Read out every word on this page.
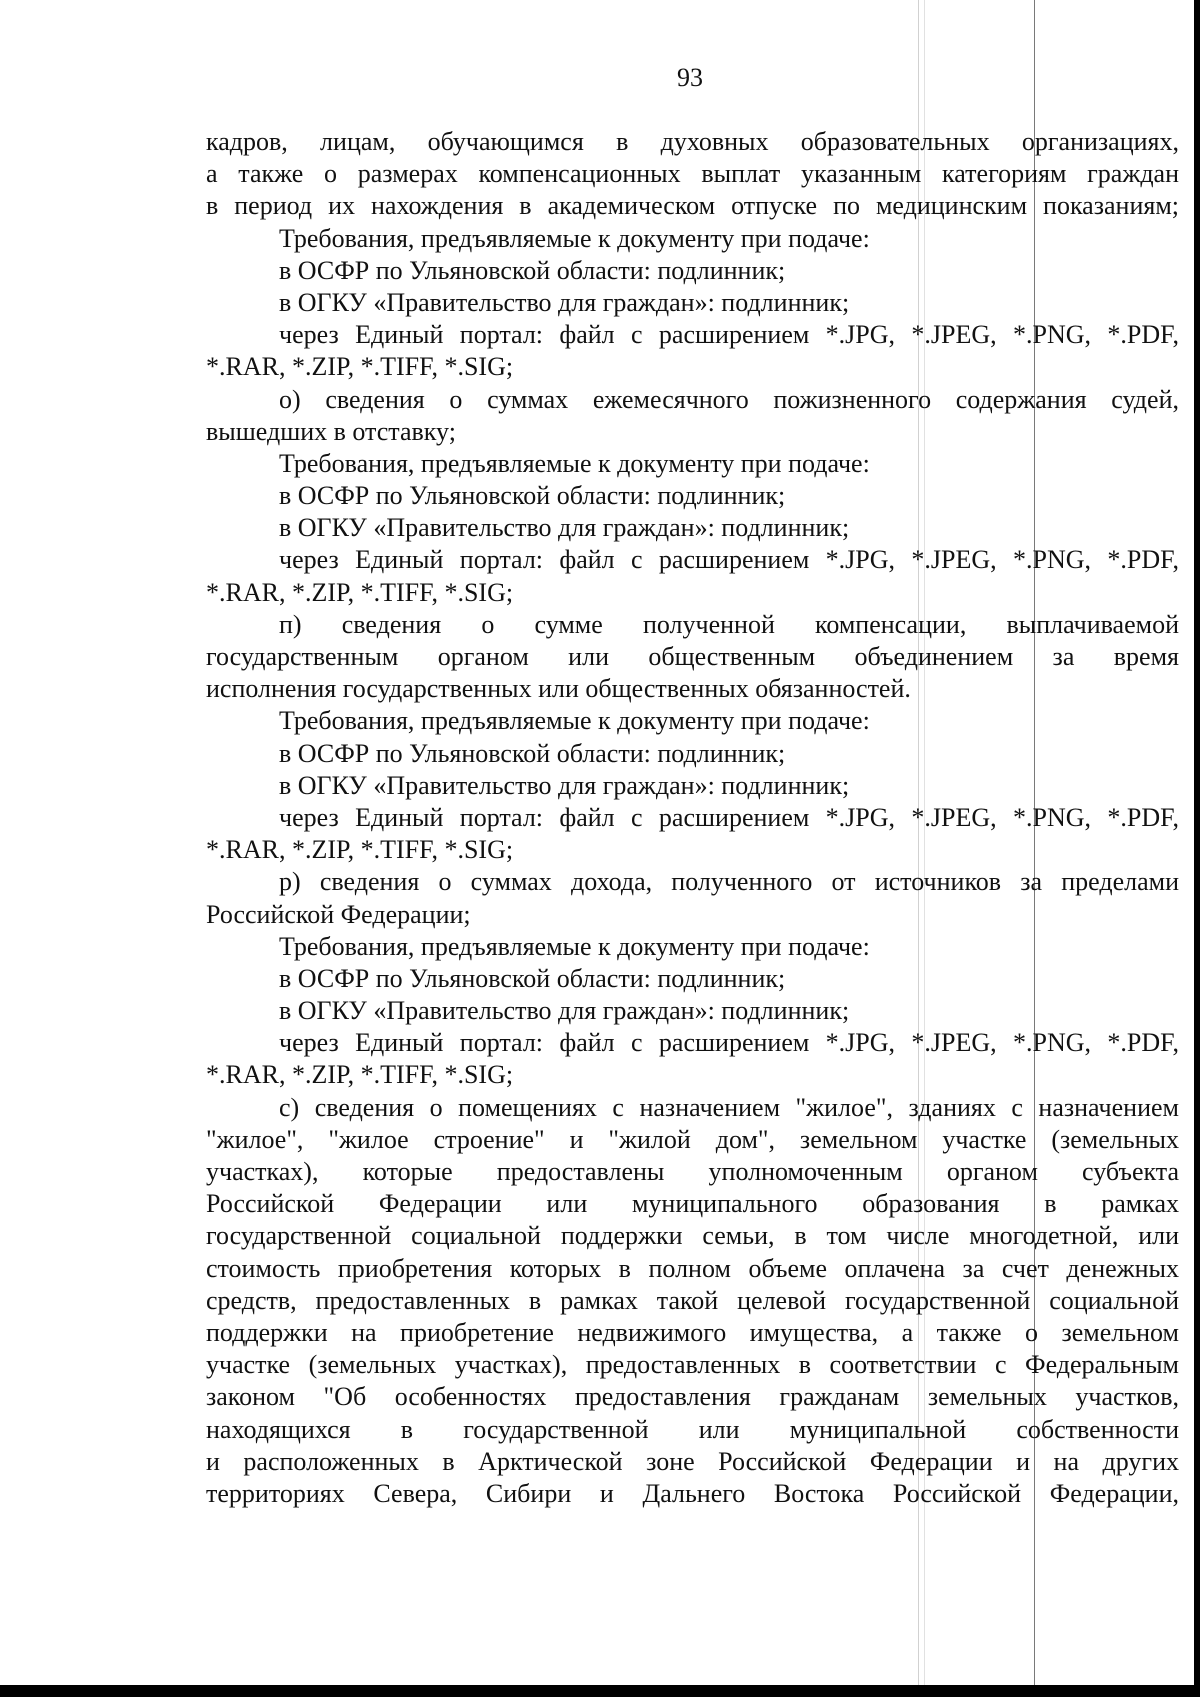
93
кадров, лицам, обучающимся в духовных образовательных организациях,
а также о размерах компенсационных выплат указанным категориям граждан
в период их нахождения в академическом отпуске по медицинским показаниям;
Требования, предъявляемые к документу при подаче:
в ОСФР по Ульяновской области: подлинник;
в ОГКУ «Правительство для граждан»: подлинник;
через Единый портал: файл с расширением *.JPG, *.JPEG, *.PNG, *.PDF,
*.RAR, *.ZIP, *.TIFF, *.SIG;
о) сведения о суммах ежемесячного пожизненного содержания судей,
вышедших в отставку;
Требования, предъявляемые к документу при подаче:
в ОСФР по Ульяновской области: подлинник;
в ОГКУ «Правительство для граждан»: подлинник;
через Единый портал: файл с расширением *.JPG, *.JPEG, *.PNG, *.PDF,
*.RAR, *.ZIP, *.TIFF, *.SIG;
п) сведения о сумме полученной компенсации, выплачиваемой
государственным органом или общественным объединением за время
исполнения государственных или общественных обязанностей.
Требования, предъявляемые к документу при подаче:
в ОСФР по Ульяновской области: подлинник;
в ОГКУ «Правительство для граждан»: подлинник;
через Единый портал: файл с расширением *.JPG, *.JPEG, *.PNG, *.PDF,
*.RAR, *.ZIP, *.TIFF, *.SIG;
р) сведения о суммах дохода, полученного от источников за пределами
Российской Федерации;
Требования, предъявляемые к документу при подаче:
в ОСФР по Ульяновской области: подлинник;
в ОГКУ «Правительство для граждан»: подлинник;
через Единый портал: файл с расширением *.JPG, *.JPEG, *.PNG, *.PDF,
*.RAR, *.ZIP, *.TIFF, *.SIG;
с) сведения о помещениях с назначением "жилое", зданиях с назначением
"жилое", "жилое строение" и "жилой дом", земельном участке (земельных
участках), которые предоставлены уполномоченным органом субъекта
Российской Федерации или муниципального образования в рамках
государственной социальной поддержки семьи, в том числе многодетной, или
стоимость приобретения которых в полном объеме оплачена за счет денежных
средств, предоставленных в рамках такой целевой государственной социальной
поддержки на приобретение недвижимого имущества, а также о земельном
участке (земельных участках), предоставленных в соответствии с Федеральным
законом "Об особенностях предоставления гражданам земельных участков,
находящихся в государственной или муниципальной собственности
и расположенных в Арктической зоне Российской Федерации и на других
территориях Севера, Сибири и Дальнего Востока Российской Федерации,
